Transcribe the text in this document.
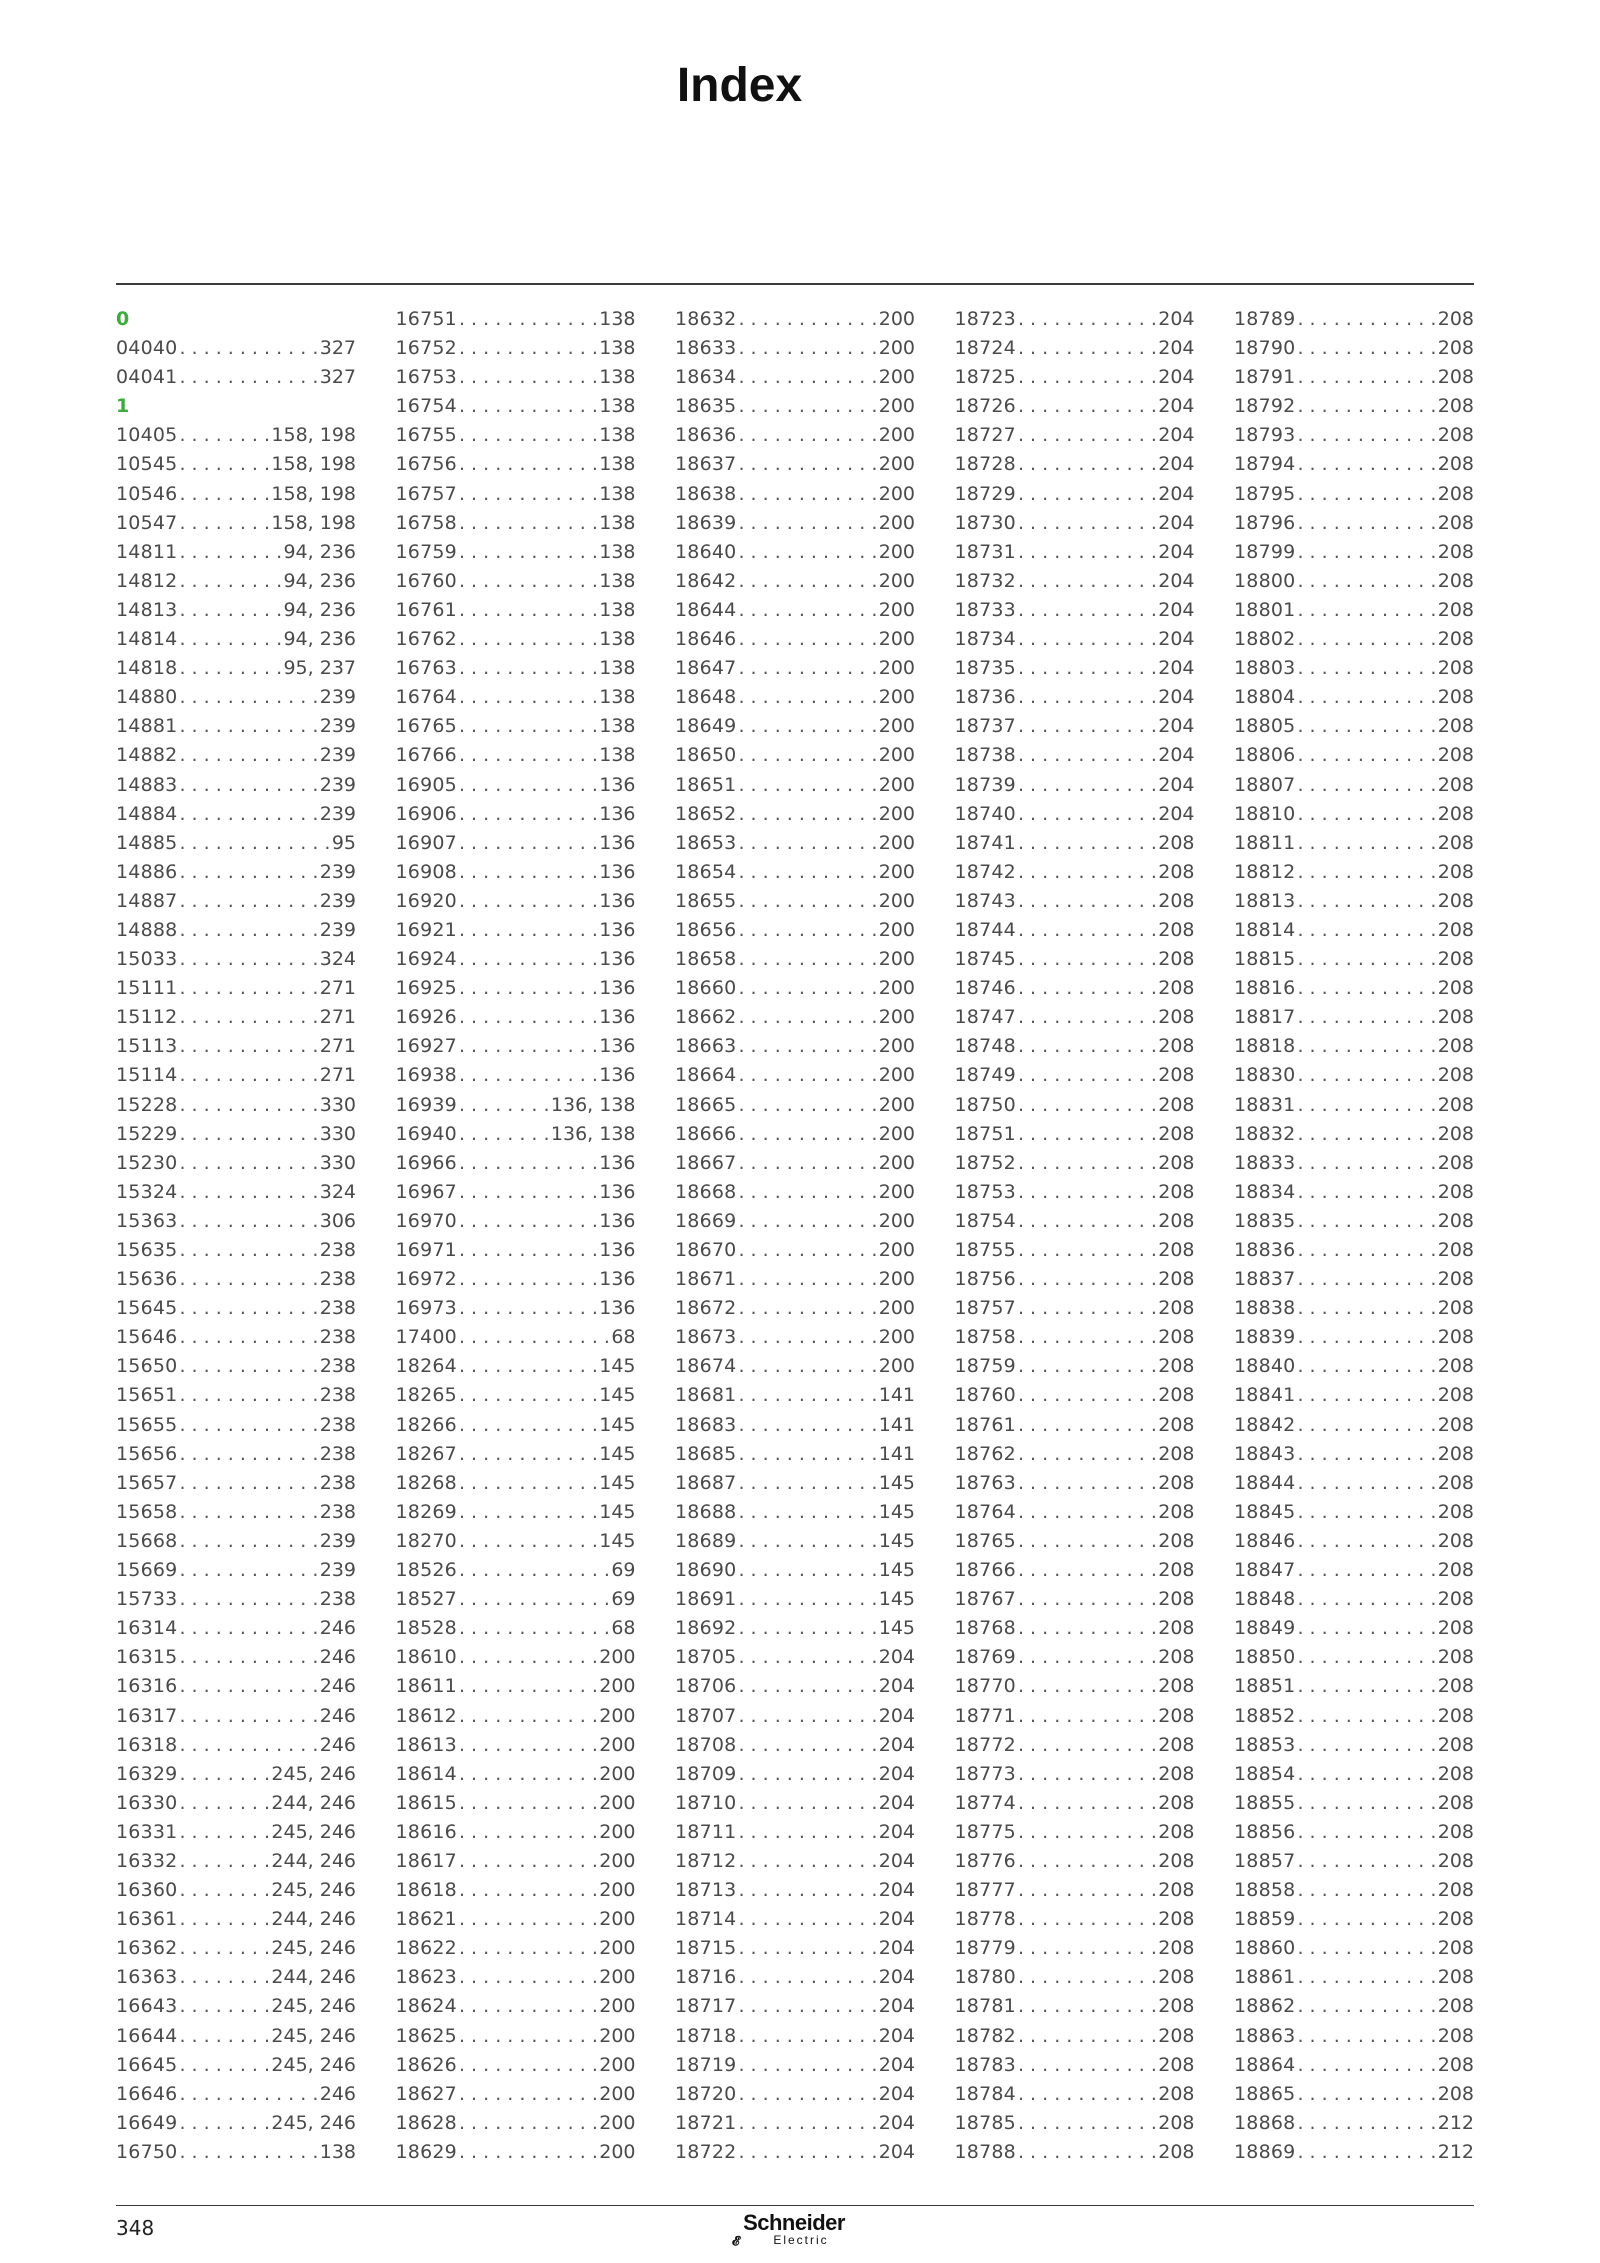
Index
0
04040 . . .	327
04041 . . .	327
1
10405 . . .	158, 198
10545 . . .	158, 198
10546 . . .	158, 198
10547 . . .	158, 198
14811 . . .	94, 236
14812 . . .	94, 236
14813 . . .	94, 236
14814 . . .	94, 236
14818 . . .	95, 237
14880 . . .	239
14881 . . .	239
14882 . . .	239
14883 . . .	239
14884 . . .	239
14885 . . .	95
14886 . . .	239
14887 . . .	239
14888 . . .	239
15033 . . .	324
15111 . . .	271
15112 . . .	271
15113 . . .	271
15114 . . .	271
15228 . . .	330
15229 . . .	330
15230 . . .	330
15324 . . .	324
15363 . . .	306
15635 . . .	238
15636 . . .	238
15645 . . .	238
15646 . . .	238
15650 . . .	238
15651 . . .	238
15655 . . .	238
15656 . . .	238
15657 . . .	238
15658 . . .	238
15668 . . .	239
15669 . . .	239
15733 . . .	238
16314 . . .	246
16315 . . .	246
16316 . . .	246
16317 . . .	246
16318 . . .	246
16329 . . .	245, 246
16330 . . .	244, 246
16331 . . .	245, 246
16332 . . .	244, 246
16360 . . .	245, 246
16361 . . .	244, 246
16362 . . .	245, 246
16363 . . .	244, 246
16643 . . .	245, 246
16644 . . .	245, 246
16645 . . .	245, 246
16646 . . .	246
16649 . . .	245, 246
16750 . . .	138
16751 . . .	138
16752 . . .	138
16753 . . .	138
16754 . . .	138
16755 . . .	138
16756 . . .	138
16757 . . .	138
16758 . . .	138
16759 . . .	138
16760 . . .	138
16761 . . .	138
16762 . . .	138
16763 . . .	138
16764 . . .	138
16765 . . .	138
16766 . . .	138
16905 . . .	136
16906 . . .	136
16907 . . .	136
16908 . . .	136
16920 . . .	136
16921 . . .	136
16924 . . .	136
16925 . . .	136
16926 . . .	136
16927 . . .	136
16938 . . .	136
16939 . . .	136, 138
16940 . . .	136, 138
16966 . . .	136
16967 . . .	136
16970 . . .	136
16971 . . .	136
16972 . . .	136
16973 . . .	136
17400 . . .	68
18264 . . .	145
18265 . . .	145
18266 . . .	145
18267 . . .	145
18268 . . .	145
18269 . . .	145
18270 . . .	145
18526 . . .	69
18527 . . .	69
18528 . . .	68
18610 . . .	200
18611 . . .	200
18612 . . .	200
18613 . . .	200
18614 . . .	200
18615 . . .	200
18616 . . .	200
18617 . . .	200
18618 . . .	200
18621 . . .	200
18622 . . .	200
18623 . . .	200
18624 . . .	200
18625 . . .	200
18626 . . .	200
18627 . . .	200
18628 . . .	200
18629 . . .	200
18632 . . .	200
18633 . . .	200
18634 . . .	200
18635 . . .	200
18636 . . .	200
18637 . . .	200
18638 . . .	200
18639 . . .	200
18640 . . .	200
18642 . . .	200
18644 . . .	200
18646 . . .	200
18647 . . .	200
18648 . . .	200
18649 . . .	200
18650 . . .	200
18651 . . .	200
18652 . . .	200
18653 . . .	200
18654 . . .	200
18655 . . .	200
18656 . . .	200
18658 . . .	200
18660 . . .	200
18662 . . .	200
18663 . . .	200
18664 . . .	200
18665 . . .	200
18666 . . .	200
18667 . . .	200
18668 . . .	200
18669 . . .	200
18670 . . .	200
18671 . . .	200
18672 . . .	200
18673 . . .	200
18674 . . .	200
18681 . . .	141
18683 . . .	141
18685 . . .	141
18687 . . .	145
18688 . . .	145
18689 . . .	145
18690 . . .	145
18691 . . .	145
18692 . . .	145
18705 . . .	204
18706 . . .	204
18707 . . .	204
18708 . . .	204
18709 . . .	204
18710 . . .	204
18711 . . .	204
18712 . . .	204
18713 . . .	204
18714 . . .	204
18715 . . .	204
18716 . . .	204
18717 . . .	204
18718 . . .	204
18719 . . .	204
18720 . . .	204
18721 . . .	204
18722 . . .	204
18723 . . .	204
18724 . . .	204
18725 . . .	204
18726 . . .	204
18727 . . .	204
18728 . . .	204
18729 . . .	204
18730 . . .	204
18731 . . .	204
18732 . . .	204
18733 . . .	204
18734 . . .	204
18735 . . .	204
18736 . . .	204
18737 . . .	204
18738 . . .	204
18739 . . .	204
18740 . . .	204
18741 . . .	208
18742 . . .	208
18743 . . .	208
18744 . . .	208
18745 . . .	208
18746 . . .	208
18747 . . .	208
18748 . . .	208
18749 . . .	208
18750 . . .	208
18751 . . .	208
18752 . . .	208
18753 . . .	208
18754 . . .	208
18755 . . .	208
18756 . . .	208
18757 . . .	208
18758 . . .	208
18759 . . .	208
18760 . . .	208
18761 . . .	208
18762 . . .	208
18763 . . .	208
18764 . . .	208
18765 . . .	208
18766 . . .	208
18767 . . .	208
18768 . . .	208
18769 . . .	208
18770 . . .	208
18771 . . .	208
18772 . . .	208
18773 . . .	208
18774 . . .	208
18775 . . .	208
18776 . . .	208
18777 . . .	208
18778 . . .	208
18779 . . .	208
18780 . . .	208
18781 . . .	208
18782 . . .	208
18783 . . .	208
18784 . . .	208
18785 . . .	208
18788 . . .	208
18789 . . .	208
18790 . . .	208
18791 . . .	208
18792 . . .	208
18793 . . .	208
18794 . . .	208
18795 . . .	208
18796 . . .	208
18799 . . .	208
18800 . . .	208
18801 . . .	208
18802 . . .	208
18803 . . .	208
18804 . . .	208
18805 . . .	208
18806 . . .	208
18807 . . .	208
18810 . . .	208
18811 . . .	208
18812 . . .	208
18813 . . .	208
18814 . . .	208
18815 . . .	208
18816 . . .	208
18817 . . .	208
18818 . . .	208
18830 . . .	208
18831 . . .	208
18832 . . .	208
18833 . . .	208
18834 . . .	208
18835 . . .	208
18836 . . .	208
18837 . . .	208
18838 . . .	208
18839 . . .	208
18840 . . .	208
18841 . . .	208
18842 . . .	208
18843 . . .	208
18844 . . .	208
18845 . . .	208
18846 . . .	208
18847 . . .	208
18848 . . .	208
18849 . . .	208
18850 . . .	208
18851 . . .	208
18852 . . .	208
18853 . . .	208
18854 . . .	208
18855 . . .	208
18856 . . .	208
18857 . . .	208
18858 . . .	208
18859 . . .	208
18860 . . .	208
18861 . . .	208
18862 . . .	208
18863 . . .	208
18864 . . .	208
18865 . . .	208
18868 . . .	212
18869 . . .	212
348	Schneider
𝓔	Electric
